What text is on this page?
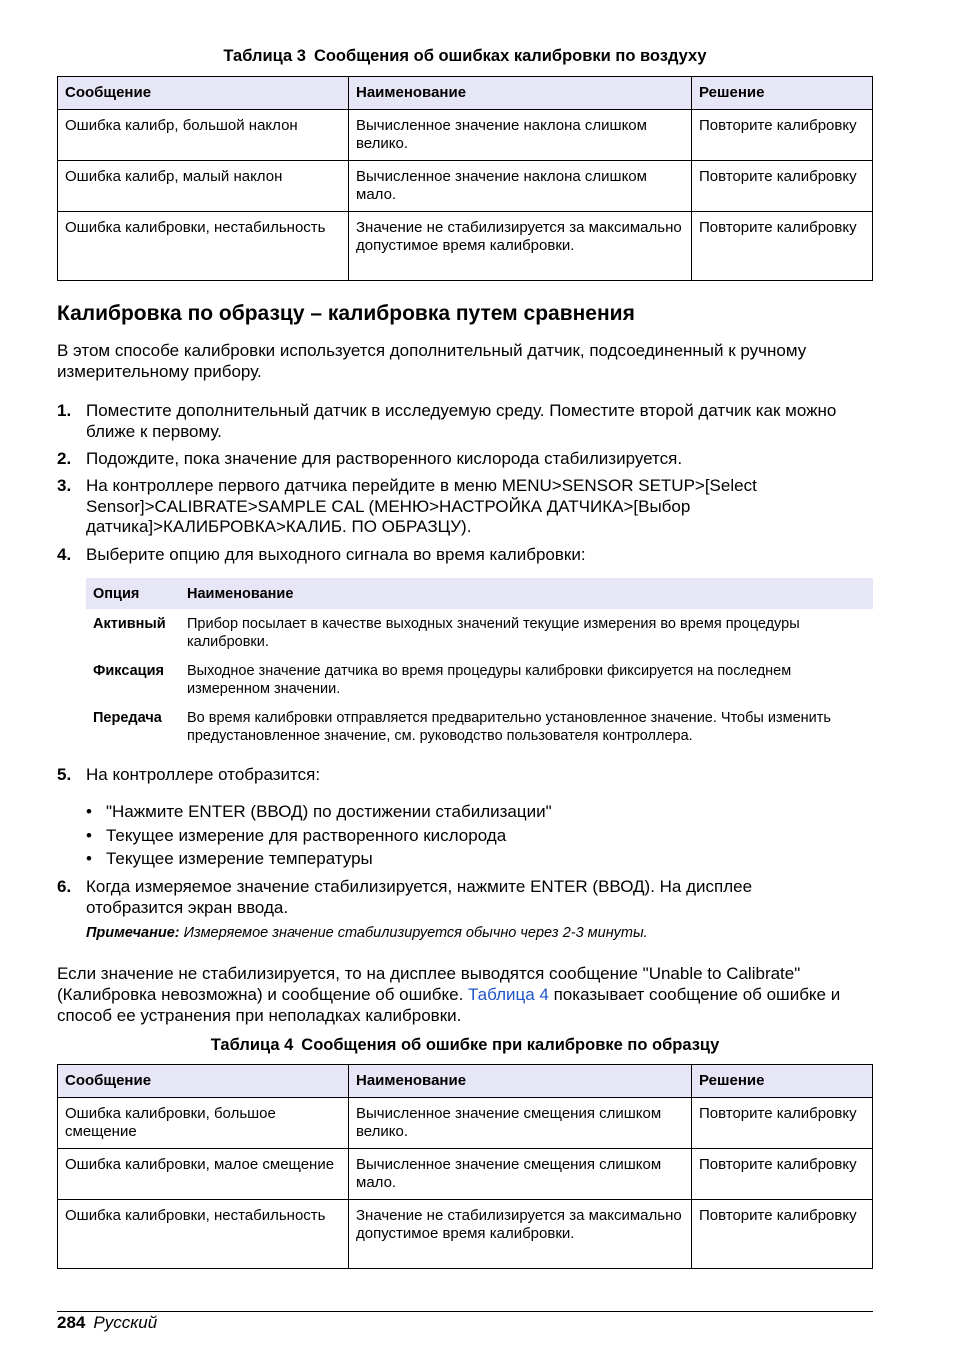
Таблица 3 Сообщения об ошибках калибровки по воздуху
Сообщение	Наименование	Решение
Ошибка калибр, большой наклон	Вычисленное значение наклона слишком велико.	Повторите калибровку
Ошибка калибр, малый наклон	Вычисленное значение наклона слишком мало.	Повторите калибровку
Ошибка калибровки, нестабильность	Значение не стабилизируется за максимально допустимое время калибровки.	Повторите калибровку
Калибровка по образцу – калибровка путем сравнения

В этом способе калибровки используется дополнительный датчик, подсоединенный к ручному измерительному прибору.

1. Поместите дополнительный датчик в исследуемую среду. Поместите второй датчик как можно ближе к первому.
2. Подождите, пока значение для растворенного кислорода стабилизируется.
3. На контроллере первого датчика перейдите в меню MENU>SENSOR SETUP>[Select Sensor]>CALIBRATE>SAMPLE CAL (МЕНЮ>НАСТРОЙКА ДАТЧИКА>[Выбор датчика]>КАЛИБРОВКА>КАЛИБ. ПО ОБРАЗЦУ).
4. Выберите опцию для выходного сигнала во время калибровки:
Опция	Наименование
Активный	Прибор посылает в качестве выходных значений текущие измерения во время процедуры калибровки.
Фиксация	Выходное значение датчика во время процедуры калибровки фиксируется на последнем измеренном значении.
Передача	Во время калибровки отправляется предварительно установленное значение. Чтобы изменить предустановленное значение, см. руководство пользователя контроллера.
5. На контроллере отобразится:
• "Нажмите ENTER (ВВОД) по достижении стабилизации"
• Текущее измерение для растворенного кислорода
• Текущее измерение температуры
6. Когда измеряемое значение стабилизируется, нажмите ENTER (ВВОД). На дисплее отобразится экран ввода.
Примечание: Измеряемое значение стабилизируется обычно через 2-3 минуты.

Если значение не стабилизируется, то на дисплее выводятся сообщение "Unable to Calibrate" (Калибровка невозможна) и сообщение об ошибке. Таблица 4 показывает сообщение об ошибке и способ ее устранения при неполадках калибровки.

Таблица 4 Сообщения об ошибке при калибровке по образцу
Сообщение	Наименование	Решение
Ошибка калибровки, большое смещение	Вычисленное значение смещения слишком велико.	Повторите калибровку
Ошибка калибровки, малое смещение	Вычисленное значение смещения слишком мало.	Повторите калибровку
Ошибка калибровки, нестабильность	Значение не стабилизируется за максимально допустимое время калибровки.	Повторите калибровку
284 Русский
